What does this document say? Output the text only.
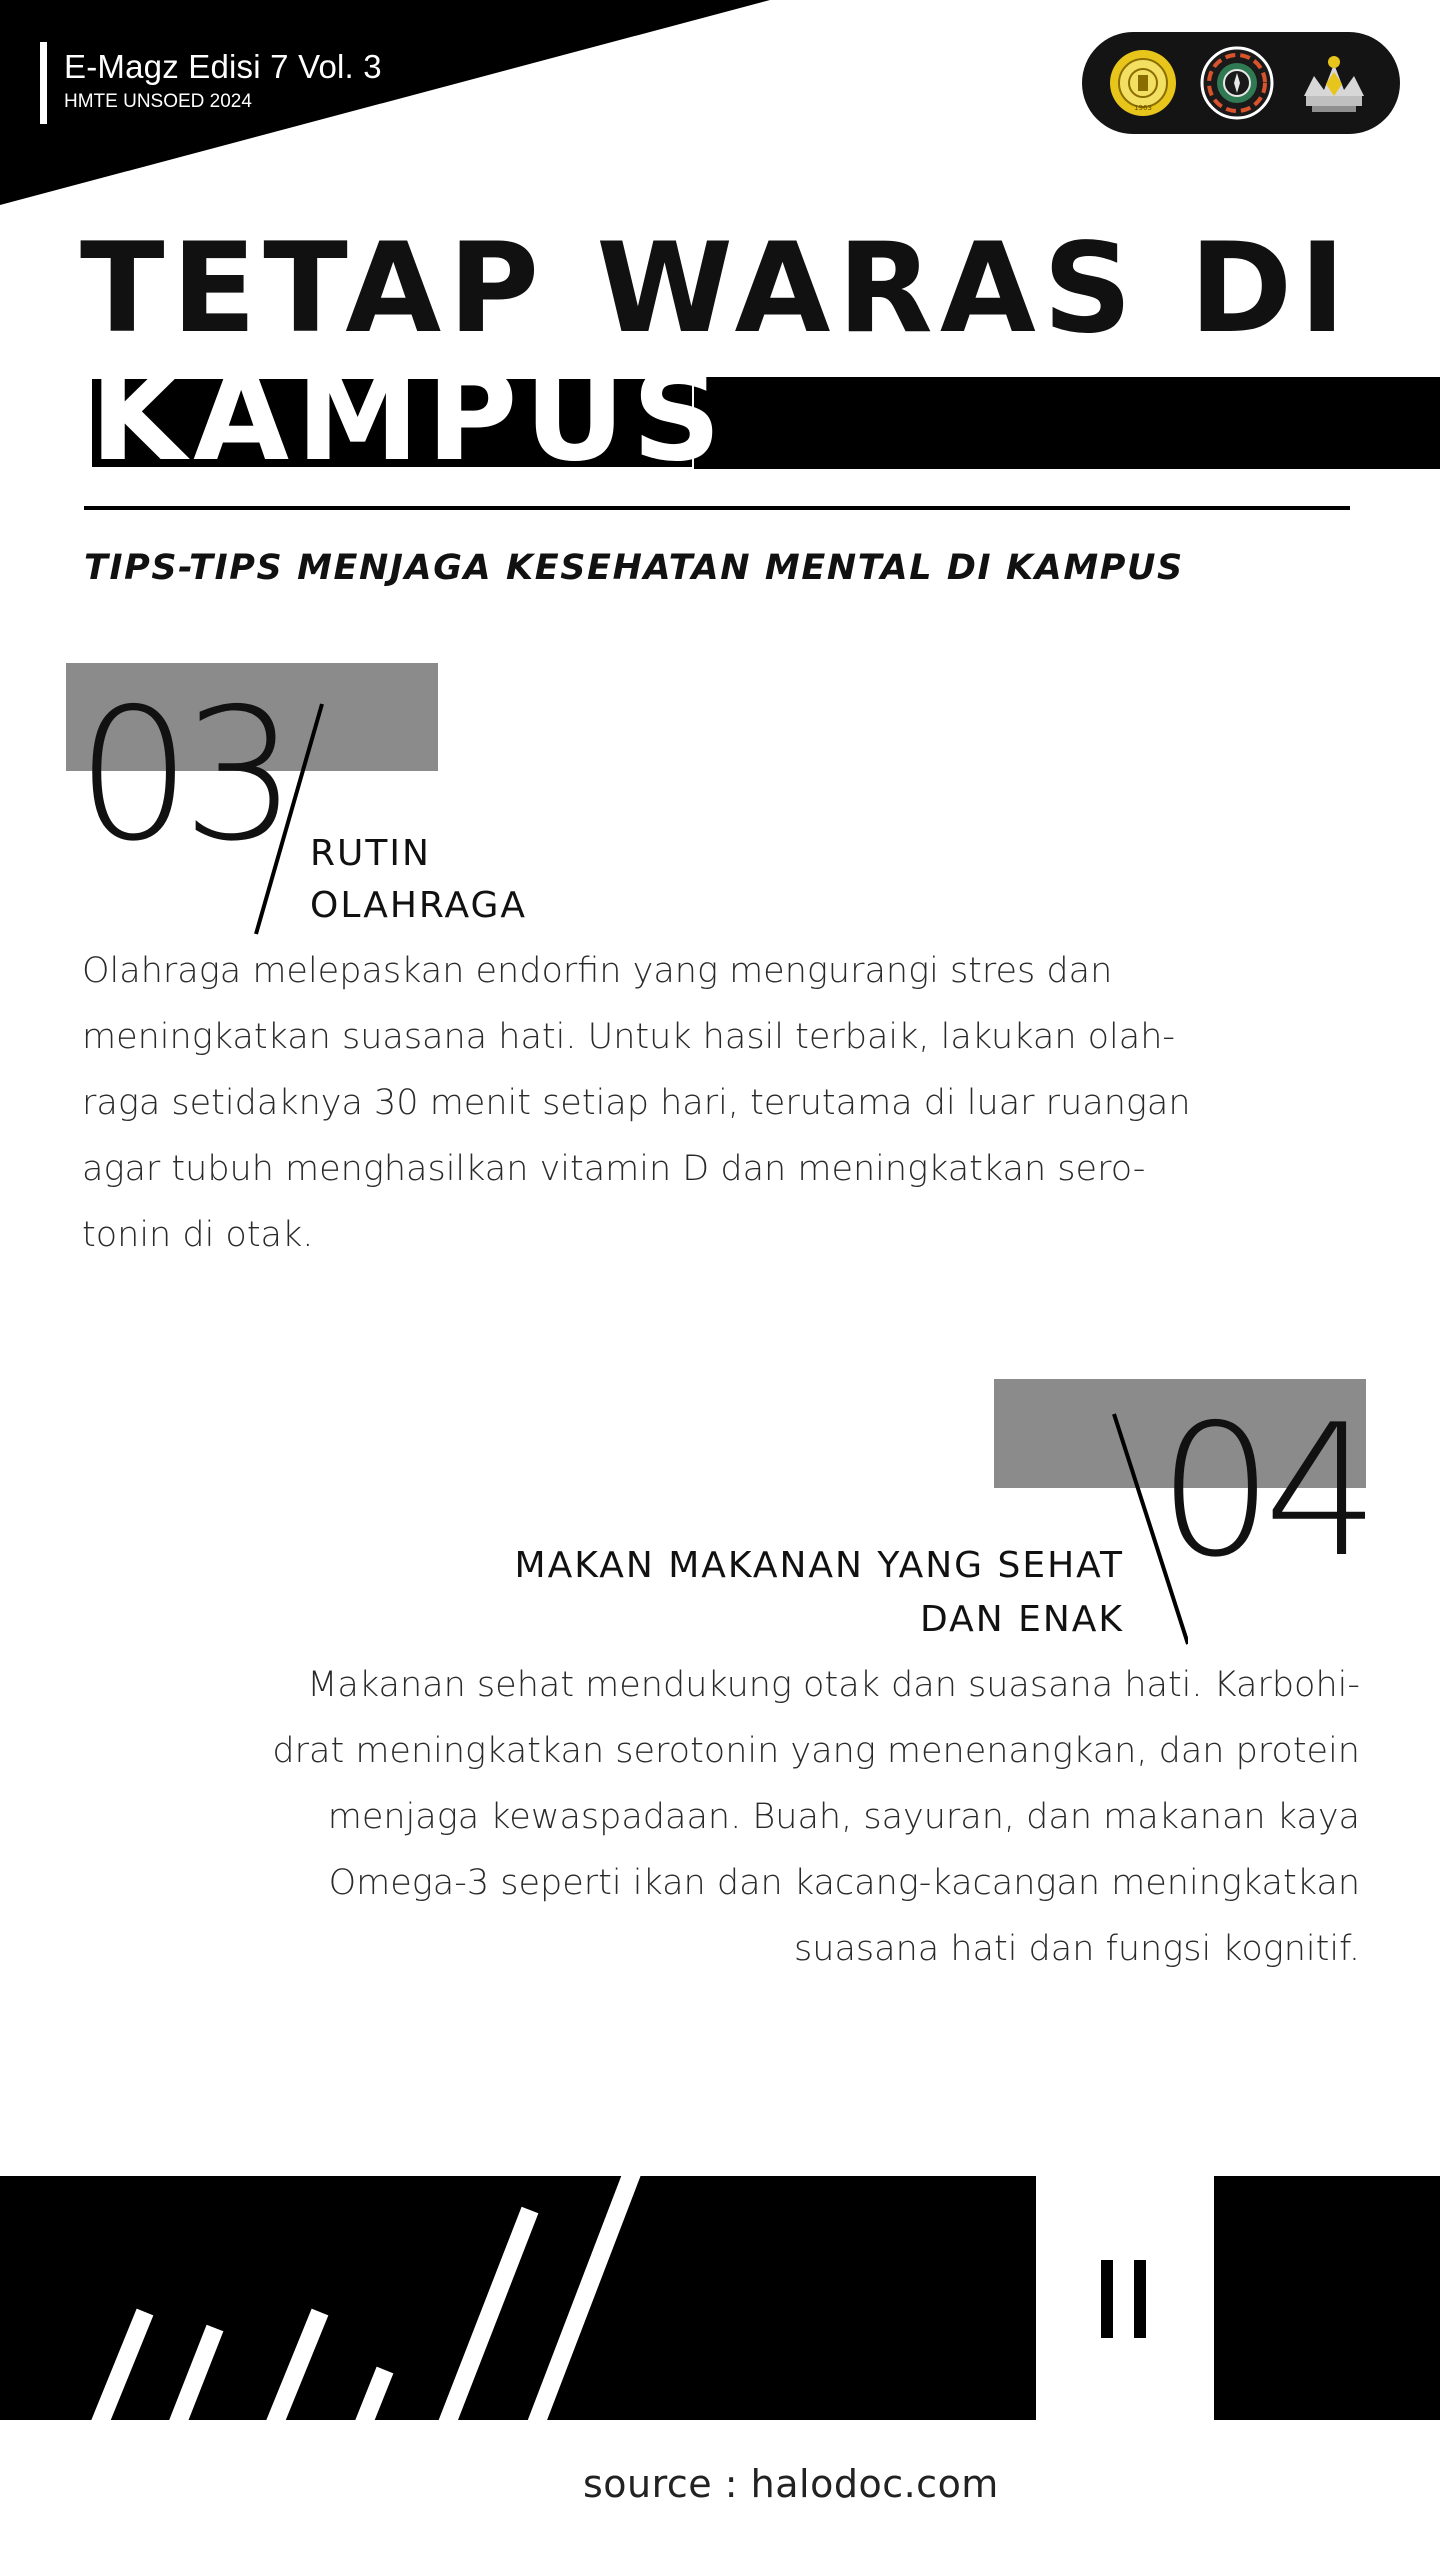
E-Magz Edisi 7 Vol. 3
HMTE UNSOED 2024	1963
TETAP WARAS DI
KAMPUS
TIPS-TIPS MENJAGA KESEHATAN MENTAL DI KAMPUS
03 RUTIN
OLAHRAGA
Olahraga melepaskan endorfin yang mengurangi stres dan
meningkatkan suasana hati. Untuk hasil terbaik, lakukan olah-
raga setidaknya 30 menit setiap hari, terutama di luar ruangan
agar tubuh menghasilkan vitamin D dan meningkatkan sero-
tonin di otak.
04
MAKAN MAKANAN YANG SEHAT
DAN ENAK
Makanan sehat mendukung otak dan suasana hati. Karbohi-
drat meningkatkan serotonin yang menenangkan, dan protein
menjaga kewaspadaan. Buah, sayuran, dan makanan kaya
Omega-3 seperti ikan dan kacang-kacangan meningkatkan
suasana hati dan fungsi kognitif.
II
source : halodoc.com
